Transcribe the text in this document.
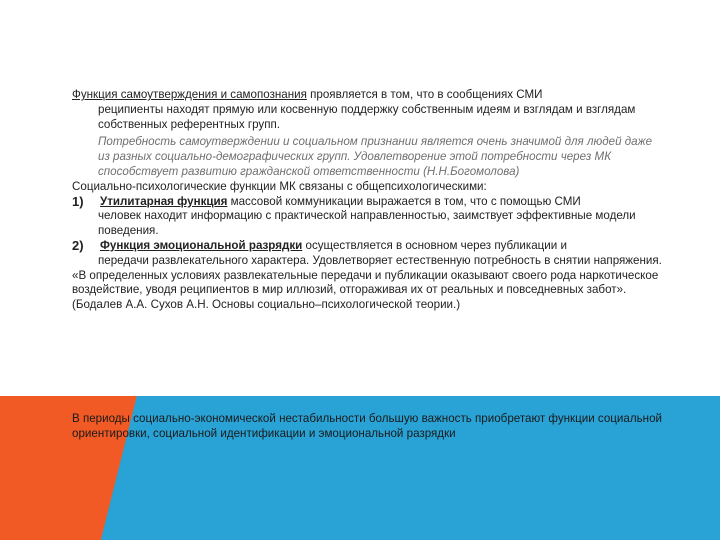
Функция самоутверждения и самопознания проявляется в том, что в сообщениях СМИ

реципиенты находят прямую или косвенную поддержку собственным идеям и взглядам и взглядам собственных референтных групп.

Потребность самоутверждении и социальном признании является очень значимой для людей даже из разных социально-демографических групп. Удовлетворение этой потребности через МК способствует развитию гражданской ответственности (Н.Н.Богомолова)

Социально-психологические функции МК связаны с общепсихологическими:

1)	Утилитарная функция массовой коммуникации выражается в том, что с помощью СМИ

человек находит информацию с практической направленностью, заимствует эффективные модели поведения.

2)	Функция эмоциональной разрядки осуществляется в основном через публикации и

передачи развлекательного характера. Удовлетворяет естественную потребность в снятии напряжения.

«В определенных условиях развлекательные передачи и публикации оказывают своего рода наркотическое воздействие, уводя реципиентов в мир иллюзий, отгораживая их от реальных и повседневных забот». (Бодалев А.А. Сухов А.Н. Основы социально–психологической теории.)

В периоды социально-экономической нестабильности большую важность приобретают функции социальной ориентировки, социальной идентификации и эмоциональной разрядки
